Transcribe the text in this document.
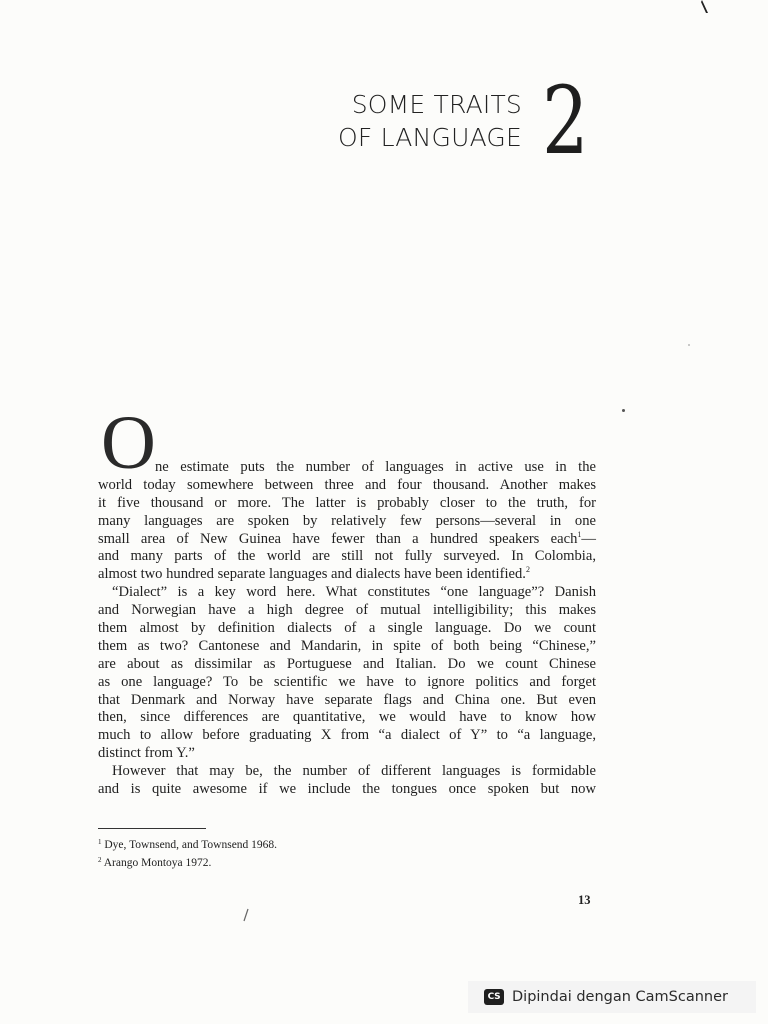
SOME TRAITS
OF LANGUAGE 2
O ne estimate puts the number of languages in active use in the
world today somewhere between three and four thousand. Another makes
it five thousand or more. The latter is probably closer to the truth, for
many languages are spoken by relatively few persons—several in one
small area of New Guinea have fewer than a hundred speakers each$^1$—
and many parts of the world are still not fully surveyed. In Colombia,
almost two hundred separate languages and dialects have been identified.$^2$
“Dialect” is a key word here. What constitutes “one language”? Danish
and Norwegian have a high degree of mutual intelligibility; this makes
them almost by definition dialects of a single language. Do we count
them as two? Cantonese and Mandarin, in spite of both being “Chinese,”
are about as dissimilar as Portuguese and Italian. Do we count Chinese
as one language? To be scientific we have to ignore politics and forget
that Denmark and Norway have separate flags and China one. But even
then, since differences are quantitative, we would have to know how
much to allow before graduating X from “a dialect of Y” to “a language,
distinct from Y.”
However that may be, the number of different languages is formidable
and is quite awesome if we include the tongues once spoken but now
$^1$ Dye, Townsend, and Townsend 1968.
$^2$ Arango Montoya 1972.
13
CS Dipindai dengan CamScanner
